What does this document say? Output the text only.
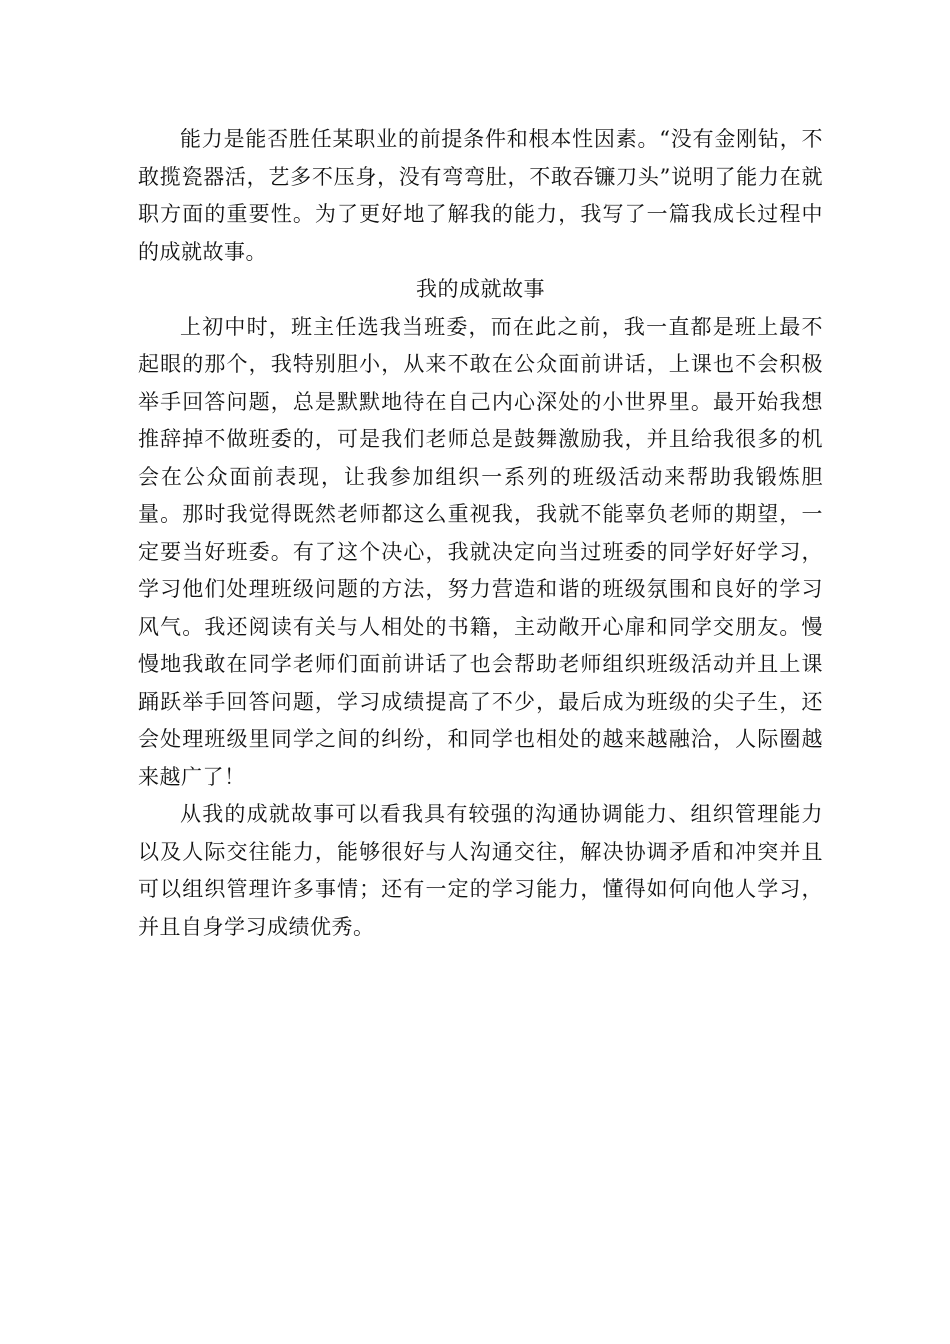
能力是能否胜任某职业的前提条件和根本性因素。“没有金刚钻，不敢揽瓷器活，艺多不压身，没有弯弯肚，不敢吞镰刀头”说明了能力在就职方面的重要性。为了更好地了解我的能力，我写了一篇我成长过程中的成就故事。

我的成就故事

上初中时，班主任选我当班委，而在此之前，我一直都是班上最不起眼的那个，我特别胆小，从来不敢在公众面前讲话，上课也不会积极举手回答问题，总是默默地待在自己内心深处的小世界里。最开始我想推辞掉不做班委的，可是我们老师总是鼓舞激励我，并且给我很多的机会在公众面前表现，让我参加组织一系列的班级活动来帮助我锻炼胆量。那时我觉得既然老师都这么重视我，我就不能辜负老师的期望，一定要当好班委。有了这个决心，我就决定向当过班委的同学好好学习，学习他们处理班级问题的方法，努力营造和谐的班级氛围和良好的学习风气。我还阅读有关与人相处的书籍，主动敞开心扉和同学交朋友。慢慢地我敢在同学老师们面前讲话了也会帮助老师组织班级活动并且上课踊跃举手回答问题，学习成绩提高了不少，最后成为班级的尖子生，还会处理班级里同学之间的纠纷，和同学也相处的越来越融洽，人际圈越来越广了！

从我的成就故事可以看我具有较强的沟通协调能力、组织管理能力以及人际交往能力，能够很好与人沟通交往，解决协调矛盾和冲突并且可以组织管理许多事情；还有一定的学习能力，懂得如何向他人学习，并且自身学习成绩优秀。
